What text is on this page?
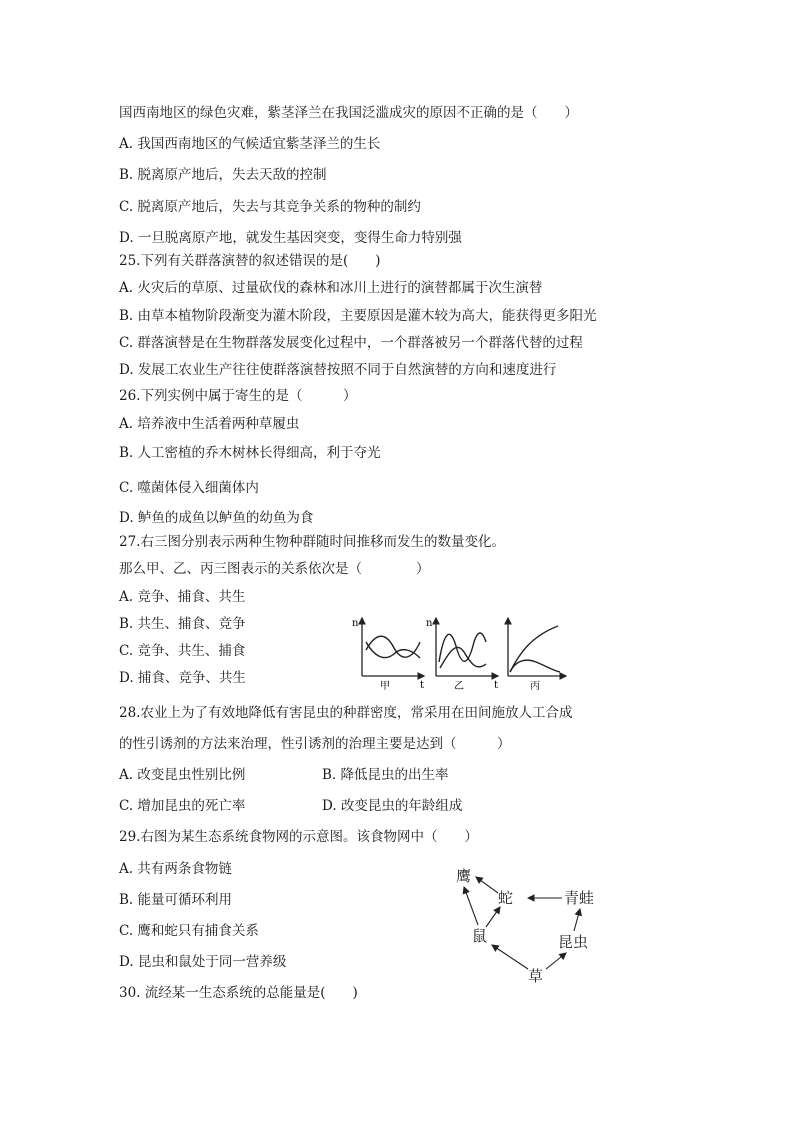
国西南地区的绿色灾难，紫茎泽兰在我国泛滥成灾的原因不正确的是（　　）
A. 我国西南地区的气候适宜紫茎泽兰的生长
B. 脱离原产地后，失去天敌的控制
C. 脱离原产地后，失去与其竞争关系的物种的制约
D. 一旦脱离原产地，就发生基因突变，变得生命力特别强
25.下列有关群落演替的叙述错误的是(　　)
A. 火灾后的草原、过量砍伐的森林和冰川上进行的演替都属于次生演替
B. 由草本植物阶段渐变为灌木阶段，主要原因是灌木较为高大，能获得更多阳光
C. 群落演替是在生物群落发展变化过程中，一个群落被另一个群落代替的过程
D. 发展工农业生产往往使群落演替按照不同于自然演替的方向和速度进行
26.下列实例中属于寄生的是（　　　）
A. 培养液中生活着两种草履虫
B. 人工密植的乔木树林长得细高，利于夺光
C. 噬菌体侵入细菌体内
D. 鲈鱼的成鱼以鲈鱼的幼鱼为食
27.右三图分别表示两种生物种群随时间推移而发生的数量变化。
那么甲、乙、丙三图表示的关系依次是（　　　　）
A. 竞争、捕食、共生
B. 共生、捕食、竞争
C. 竞争、共生、捕食
D. 捕食、竞争、共生
28.农业上为了有效地降低有害昆虫的种群密度，常采用在田间施放人工合成
的性引诱剂的方法来治理，性引诱剂的治理主要是达到（　　　）
A. 改变昆虫性别比例	B. 降低昆虫的出生率
C. 增加昆虫的死亡率	D. 改变昆虫的年龄组成
29.右图为某生态系统食物网的示意图。该食物网中（　　）
A. 共有两条食物链
B. 能量可循环利用
C. 鹰和蛇只有捕食关系
D. 昆虫和鼠处于同一营养级
30. 流经某一生态系统的总能量是(　　)
n
t
甲
n
t
乙	丙
鹰
蛇	青蛙
鼠	昆虫
草
